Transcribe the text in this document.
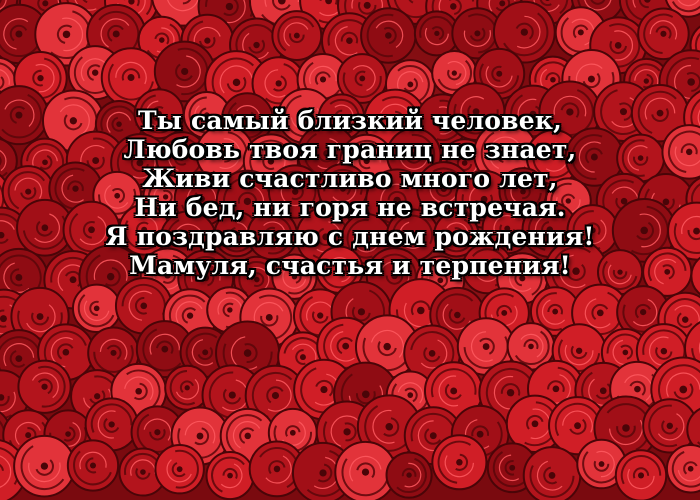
Ты самый близкий человек,
Любовь твоя границ не знает,
Живи счастливо много лет,
Ни бед, ни горя не встречая.
Я поздравляю с днем рождения!
Мамуля, счастья и терпения!
